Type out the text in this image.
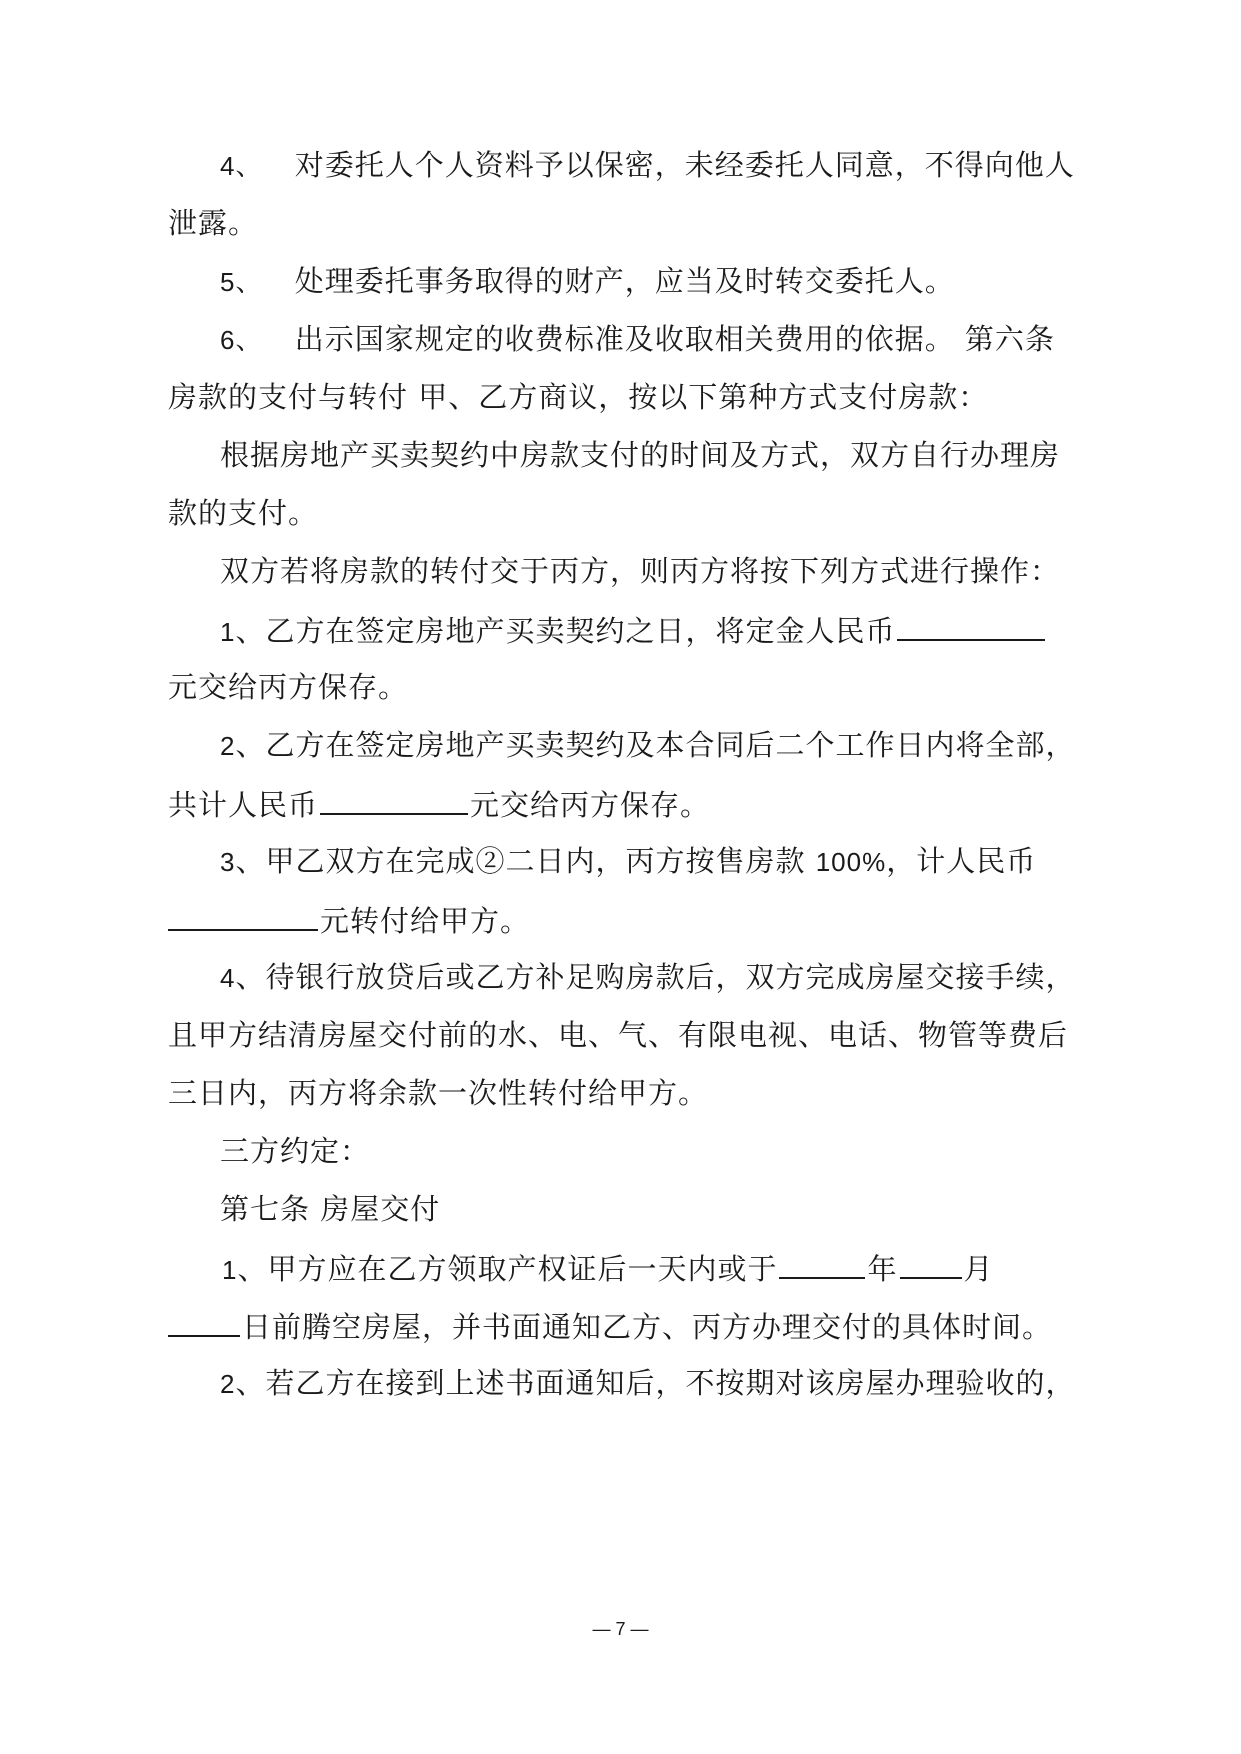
4、 对委托人个人资料予以保密，未经委托人同意，不得向他人
泄露。
5、 处理委托事务取得的财产，应当及时转交委托人。
6、 出示国家规定的收费标准及收取相关费用的依据。 第六条
房款的支付与转付 甲、乙方商议，按以下第种方式支付房款：
根据房地产买卖契约中房款支付的时间及方式，双方自行办理房
款的支付。
双方若将房款的转付交于丙方，则丙方将按下列方式进行操作：
1、乙方在签定房地产买卖契约之日，将定金人民币
元交给丙方保存。
2、乙方在签定房地产买卖契约及本合同后二个工作日内将全部，
共计人民币	元交给丙方保存。
3、甲乙双方在完成②二日内，丙方按售房款 100%，计人民币
元转付给甲方。
4、待银行放贷后或乙方补足购房款后，双方完成房屋交接手续，
且甲方结清房屋交付前的水、电、气、有限电视、电话、物管等费后
三日内，丙方将余款一次性转付给甲方。
三方约定：
第七条 房屋交付
1、甲方应在乙方领取产权证后一天内或于	年 月
日前腾空房屋，并书面通知乙方、丙方办理交付的具体时间。
2、若乙方在接到上述书面通知后，不按期对该房屋办理验收的，
— 7 —
